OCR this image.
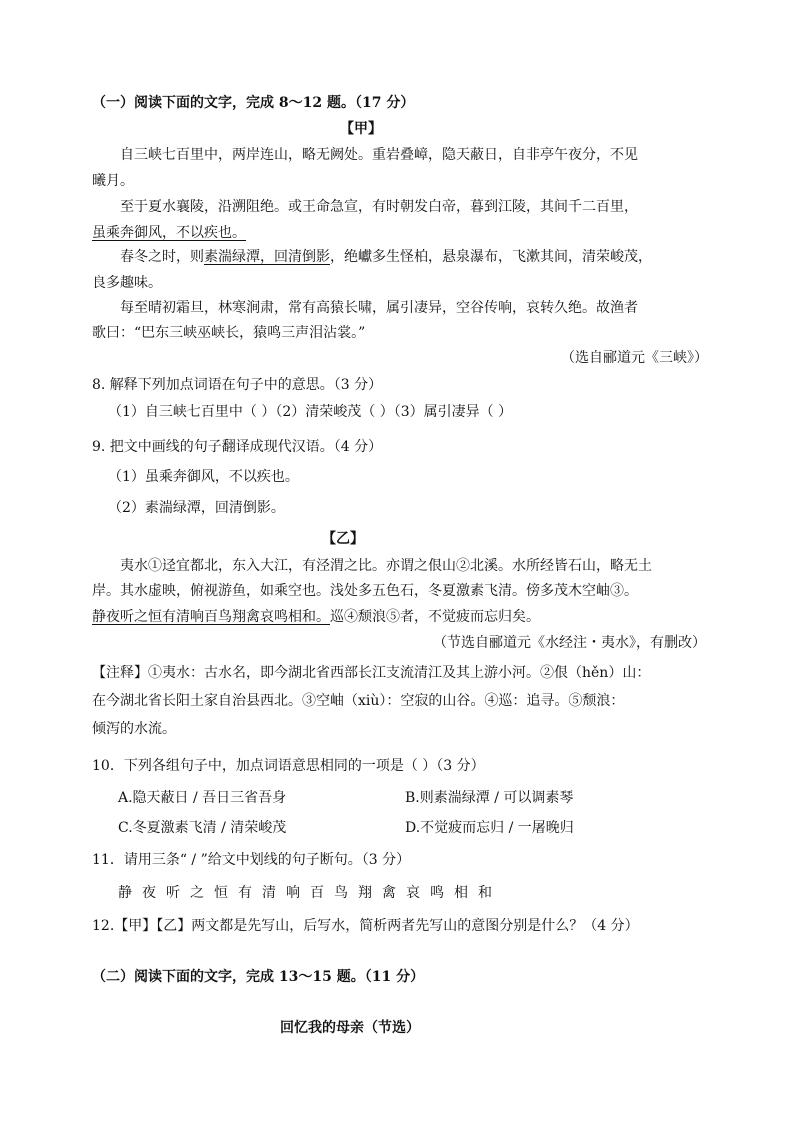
（一）阅读下面的文字，完成 8～12 题。（17 分）
【甲】
自三峡七百里中，两岸连山，略无阙处。重岩叠嶂，隐天蔽日，自非亭午夜分，不见
曦月。
至于夏水襄陵，沿溯阻绝。或王命急宣，有时朝发白帝，暮到江陵，其间千二百里，
虽乘奔御风，不以疾也。
春冬之时，则素湍绿潭，回清倒影，绝巘多生怪柏，悬泉瀑布，飞漱其间，清荣峻茂，
良多趣味。
每至晴初霜旦，林寒涧肃，常有高猿长啸，属引凄异，空谷传响，哀转久绝。故渔者
歌曰：“巴东三峡巫峡长，猿鸣三声泪沾裳。”
（选自郦道元《三峡》）
8. 解释下列加点词语在句子中的意思。（3 分）
（1）自三峡七百里中（ ）（2）清荣峻茂（ ）（3）属引凄异（ ）
9. 把文中画线的句子翻译成现代汉语。（4 分）
（1）虽乘奔御风，不以疾也。
（2）素湍绿潭，回清倒影。
【乙】
夷水①迳宜都北，东入大江，有泾渭之比。亦谓之佷山②北溪。水所经皆石山，略无土
岸。其水虚映，俯视游鱼，如乘空也。浅处多五色石，冬夏激素飞清。傍多茂木空岫③。
静夜听之恒有清响百鸟翔禽哀鸣相和。巡④颓浪⑤者，不觉疲而忘归矣。
（节选自郦道元《水经注・夷水》，有删改）
【注释】①夷水：古水名，即今湖北省西部长江支流清江及其上游小河。②佷（hěn）山：
在今湖北省长阳土家自治县西北。③空岫（xiù）：空寂的山谷。④巡：追寻。⑤颓浪：
倾泻的水流。
10．下列各组句子中，加点词语意思相同的一项是（ ）（3 分）
A.隐天蔽日 / 吾日三省吾身	B.则素湍绿潭 / 可以调素琴
C.冬夏激素飞清 / 清荣峻茂	D.不觉疲而忘归 / 一屠晚归
11．请用三条“ / ”给文中划线的句子断句。（3 分）
静夜听之恒有清响百鸟翔禽哀鸣相和
12.【甲】【乙】两文都是先写山，后写水，简析两者先写山的意图分别是什么？（4 分）
（二）阅读下面的文字，完成 13～15 题。（11 分）
回忆我的母亲（节选）
